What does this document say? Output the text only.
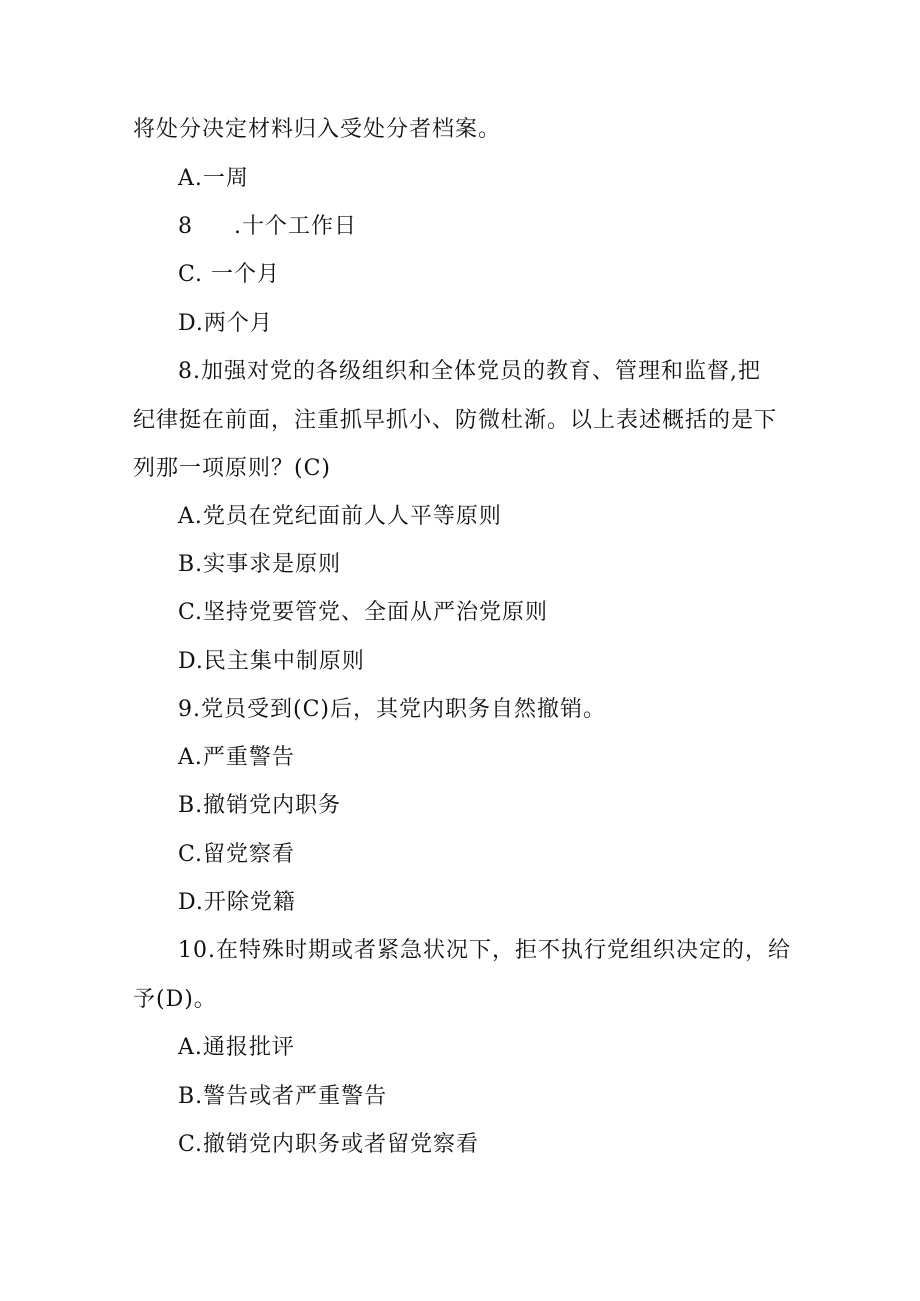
将处分决定材料归入受处分者档案。
A.一周
8 .十个工作日
C. 一个月
D.两个月
8.加强对党的各级组织和全体党员的教育、管理和监督,把
纪律挺在前面，注重抓早抓小、防微杜渐。以上表述概括的是下
列那一项原则？(C)
A.党员在党纪面前人人平等原则
B.实事求是原则
C.坚持党要管党、全面从严治党原则
D.民主集中制原则
9.党员受到(C)后，其党内职务自然撤销。
A.严重警告
B.撤销党内职务
C.留党察看
D.开除党籍
10.在特殊时期或者紧急状况下，拒不执行党组织决定的，给
予(D)。
A.通报批评
B.警告或者严重警告
C.撤销党内职务或者留党察看
